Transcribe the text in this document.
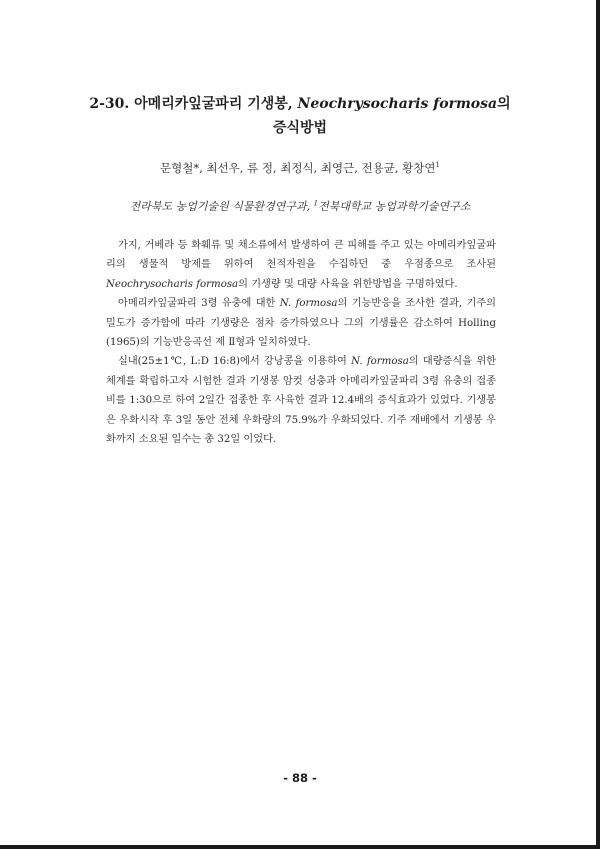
2-30. 아메리카잎굴파리 기생봉, Neochrysocharis formosa의
증식방법
문형철*, 최선우, 류 정, 최정식, 최영근, 전용균, 황창연$^1$
전라북도 농업기술원 식물환경연구과, $^1$전북대학교 농업과학기술연구소

가지, 거베라 등 화훼류 및 채소류에서 발생하여 큰 피해를 주고 있는 아메리카잎굴파리의 생물적 방제를 위하여 천적자원을 수집하던 중 우점종으로 조사된 Neochrysocharis formosa의 기생량 및 대량 사육을 위한방법을 구명하였다.

아메리카잎굴파리 3령 유충에 대한 N. formosa의 기능반응을 조사한 결과, 기주의 밀도가 증가함에 따라 기생량은 점차 증가하였으나 그의 기생률은 감소하여 Holling (1965)의 기능반응곡선 제 Ⅱ형과 일치하였다.

실내(25±1℃, L:D 16:8)에서 강낭콩을 이용하여 N. formosa의 대량증식을 위한 체계를 확립하고자 시험한 결과 기생봉 암컷 성충과 아메리카잎굴파리 3령 유충의 접종비를 1:30으로 하여 2일간 접종한 후 사육한 결과 12.4배의 증식효과가 있었다. 기생봉은 우화시작 후 3일 동안 전체 우화량의 75.9%가 우화되었다. 기주 재배에서 기생봉 우화까지 소요된 일수는 총 32일 이었다.

- 88 -
